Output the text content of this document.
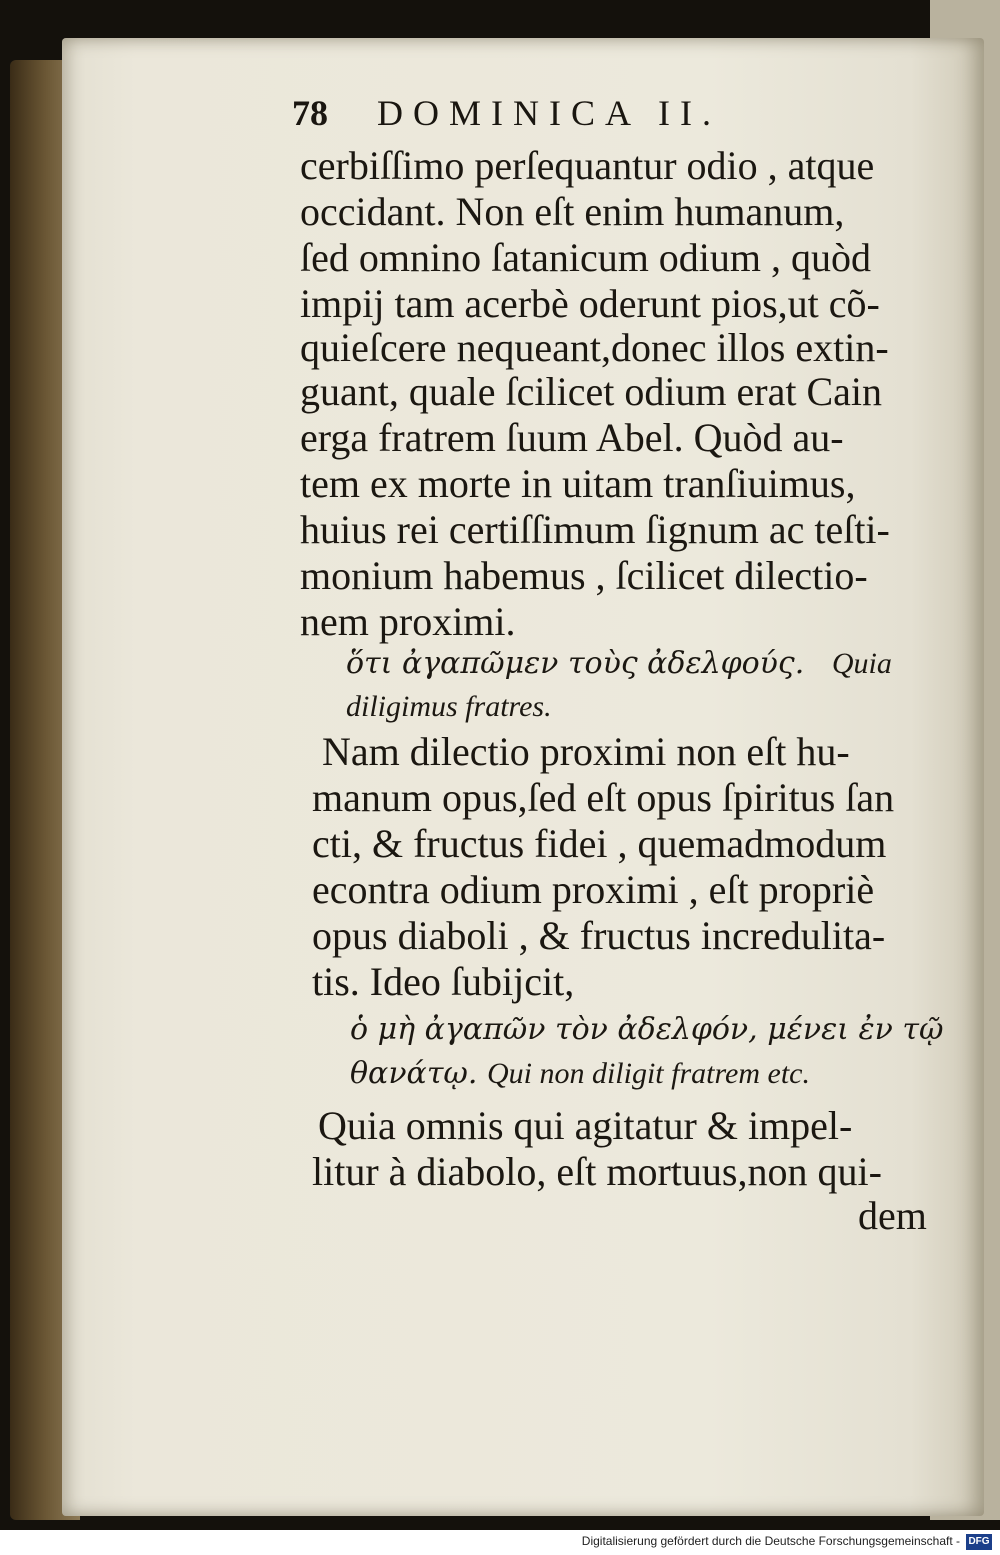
78 DOMINICA II.
cerbiſſimo perſequantur odio , atque
occidant. Non eſt enim humanum,
ſed omnino ſatanicum odium , quòd
impij tam acerbè oderunt pios,ut cõ-
quieſcere nequeant,donec illos extin-
guant, quale ſcilicet odium erat Cain
erga fratrem ſuum Abel. Quòd au-
tem ex morte in uitam tranſiuimus,
huius rei certiſſimum ſignum ac teſti-
monium habemus , ſcilicet dilectio-
nem proximi.
ὅτι ἀγαπῶμεν τοὺς ἀδελφούς. Quia
diligimus fratres.
Nam dilectio proximi non eſt hu-
manum opus,ſed eſt opus ſpiritus ſan
cti, & fructus fidei , quemadmodum
econtra odium proximi , eſt propriè
opus diaboli , & fructus incredulita-
tis. Ideo ſubijcit,
ὁ μὴ ἀγαπῶν τὸν ἀδελφόν, μένει ἐν τῷ
θανάτῳ. Qui non diligit fratrem etc.
Quia omnis qui agitatur & impel-
litur à diabolo, eſt mortuus,non qui-
dem
Digitalisierung gefördert durch die Deutsche Forschungsgemeinschaft - DFG
